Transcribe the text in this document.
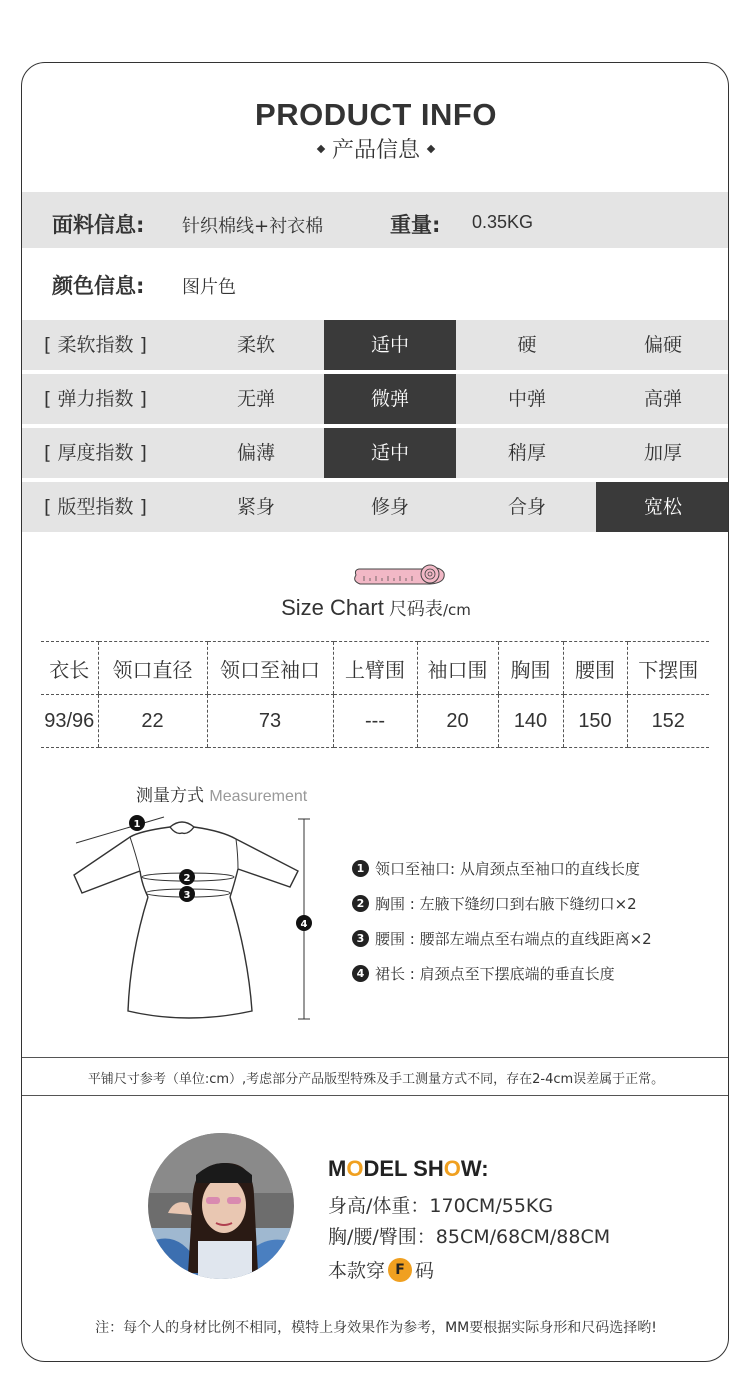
PRODUCT INFO
产品信息
面料信息: 针织棉线+衬衣棉	重量: 0.35KG
颜色信息: 图片色
[ 柔软指数 ]	柔软	适中	硬	偏硬
[ 弹力指数 ]	无弹	微弹	中弹	高弹
[ 厚度指数 ]	偏薄	适中	稍厚	加厚
[ 版型指数 ]	紧身	修身	合身	宽松
Size Chart 尺码表/cm
衣长	领口直径	领口至袖口	上臂围	袖口围	胸围	腰围	下摆围
93/96	22	73	---	20	140	150	152
测量方式 Measurement
1
2
3
4
1 领口至袖口: 从肩颈点至袖口的直线长度
2 胸围 : 左腋下缝纫口到右腋下缝纫口×2
3 腰围 : 腰部左端点至右端点的直线距离×2
4 裙长 : 肩颈点至下摆底端的垂直长度
平铺尺寸参考（单位:cm）,考虑部分产品版型特殊及手工测量方式不同，存在2-4cm误差属于正常。
MODEL SHOW:
身高/体重：170CM/55KG
胸/腰/臀围：85CM/68CM/88CM
本款穿 F 码
注：每个人的身材比例不相同，模特上身效果作为参考，MM要根据实际身形和尺码选择哟!
